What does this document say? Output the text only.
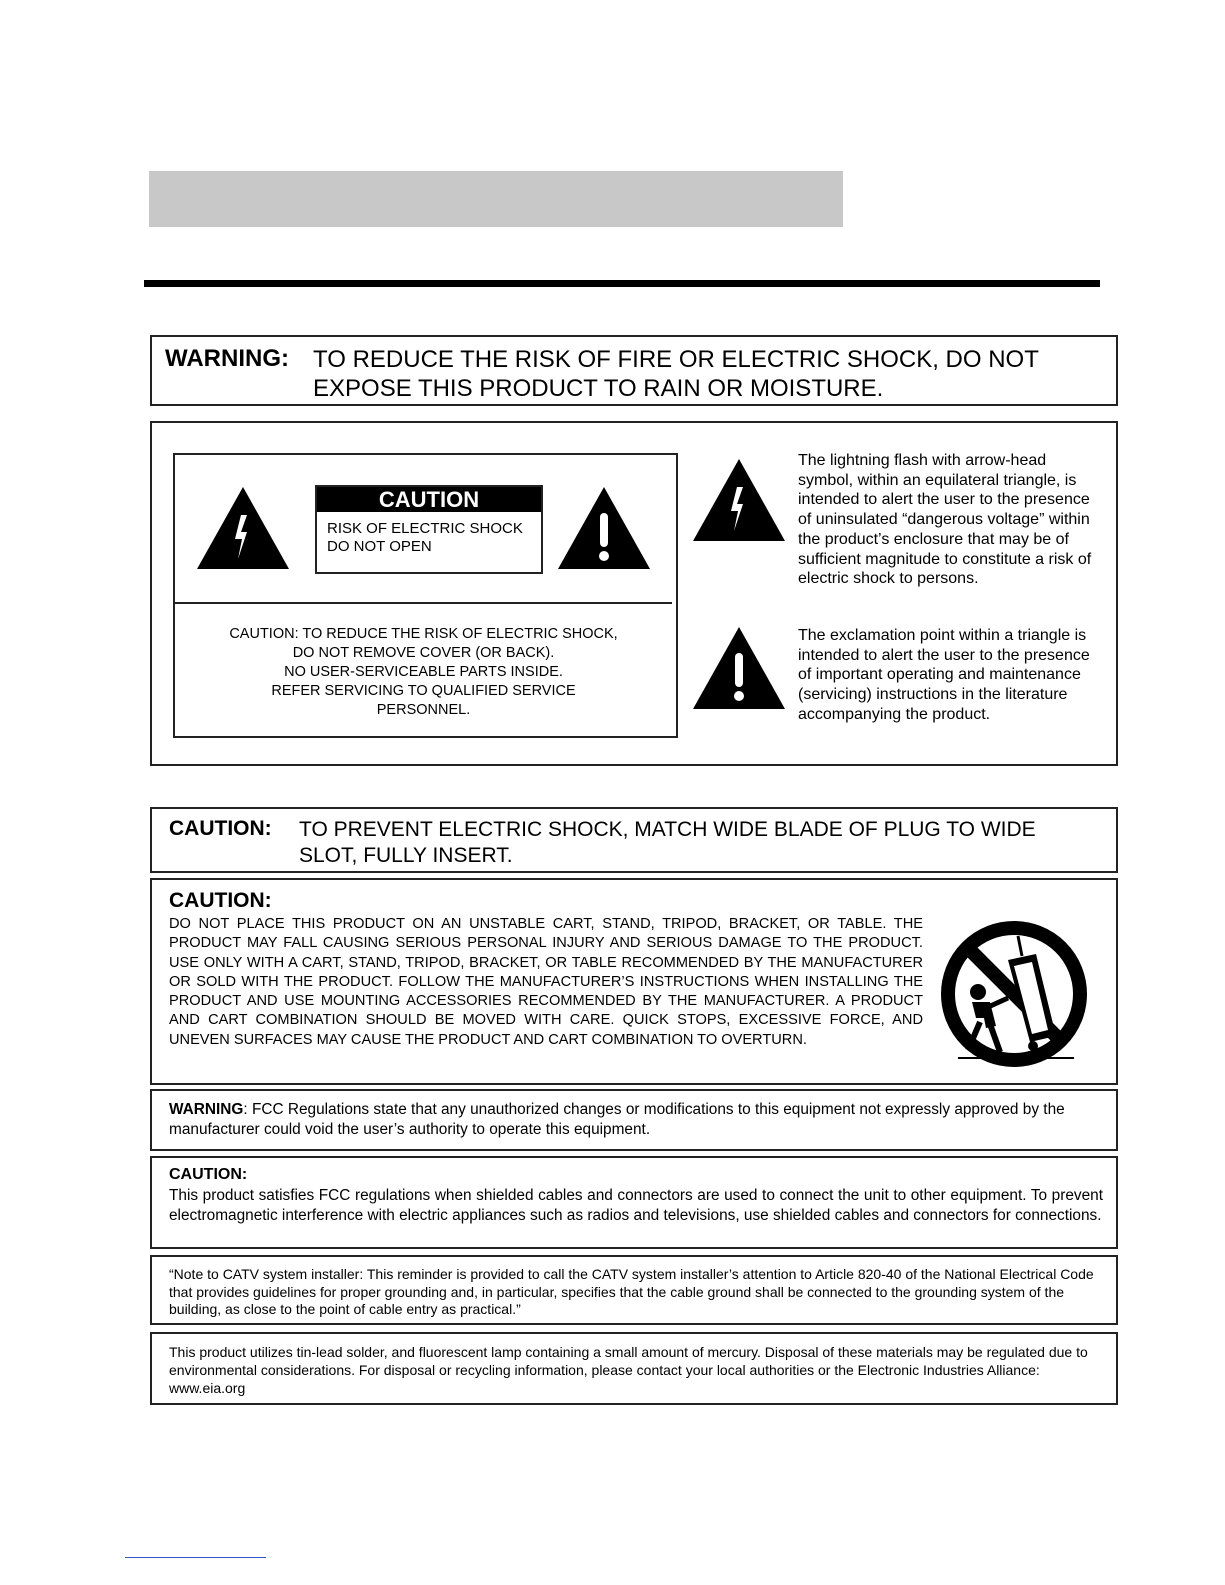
WARNING: TO REDUCE THE RISK OF FIRE OR ELECTRIC SHOCK, DO NOT EXPOSE THIS PRODUCT TO RAIN OR MOISTURE.
CAUTION
RISK OF ELECTRIC SHOCK
DO NOT OPEN
CAUTION: TO REDUCE THE RISK OF ELECTRIC SHOCK,
DO NOT REMOVE COVER (OR BACK).
NO USER-SERVICEABLE PARTS INSIDE.
REFER SERVICING TO QUALIFIED SERVICE
PERSONNEL.
The lightning flash with arrow-head symbol, within an equilateral triangle, is intended to alert the user to the presence of uninsulated “dangerous voltage” within the product’s enclosure that may be of sufficient magnitude to constitute a risk of electric shock to persons.
The exclamation point within a triangle is intended to alert the user to the presence of important operating and maintenance (servicing) instructions in the literature accompanying the product.
CAUTION: TO PREVENT ELECTRIC SHOCK, MATCH WIDE BLADE OF PLUG TO WIDE SLOT, FULLY INSERT.
CAUTION:
DO NOT PLACE THIS PRODUCT ON AN UNSTABLE CART, STAND, TRIPOD, BRACKET, OR TABLE. THE PRODUCT MAY FALL CAUSING SERIOUS PERSONAL INJURY AND SERIOUS DAMAGE TO THE PRODUCT. USE ONLY WITH A CART, STAND, TRIPOD, BRACKET, OR TABLE RECOMMENDED BY THE MANUFACTURER OR SOLD WITH THE PRODUCT. FOLLOW THE MANUFACTURER’S INSTRUCTIONS WHEN INSTALLING THE PRODUCT AND USE MOUNTING ACCESSORIES RECOMMENDED BY THE MANUFACTURER. A PRODUCT AND CART COMBINATION SHOULD BE MOVED WITH CARE. QUICK STOPS, EXCESSIVE FORCE, AND UNEVEN SURFACES MAY CAUSE THE PRODUCT AND CART COMBINATION TO OVERTURN.
WARNING: FCC Regulations state that any unauthorized changes or modifications to this equipment not expressly approved by the manufacturer could void the user’s authority to operate this equipment.
CAUTION:
This product satisfies FCC regulations when shielded cables and connectors are used to connect the unit to other equipment. To prevent electromagnetic interference with electric appliances such as radios and televisions, use shielded cables and connectors for connections.
“Note to CATV system installer: This reminder is provided to call the CATV system installer’s attention to Article 820-40 of the National Electrical Code that provides guidelines for proper grounding and, in particular, specifies that the cable ground shall be connected to the grounding system of the building, as close to the point of cable entry as practical.”
This product utilizes tin-lead solder, and fluorescent lamp containing a small amount of mercury. Disposal of these materials may be regulated due to environmental considerations. For disposal or recycling information, please contact your local authorities or the Electronic Industries Alliance: www.eia.org
